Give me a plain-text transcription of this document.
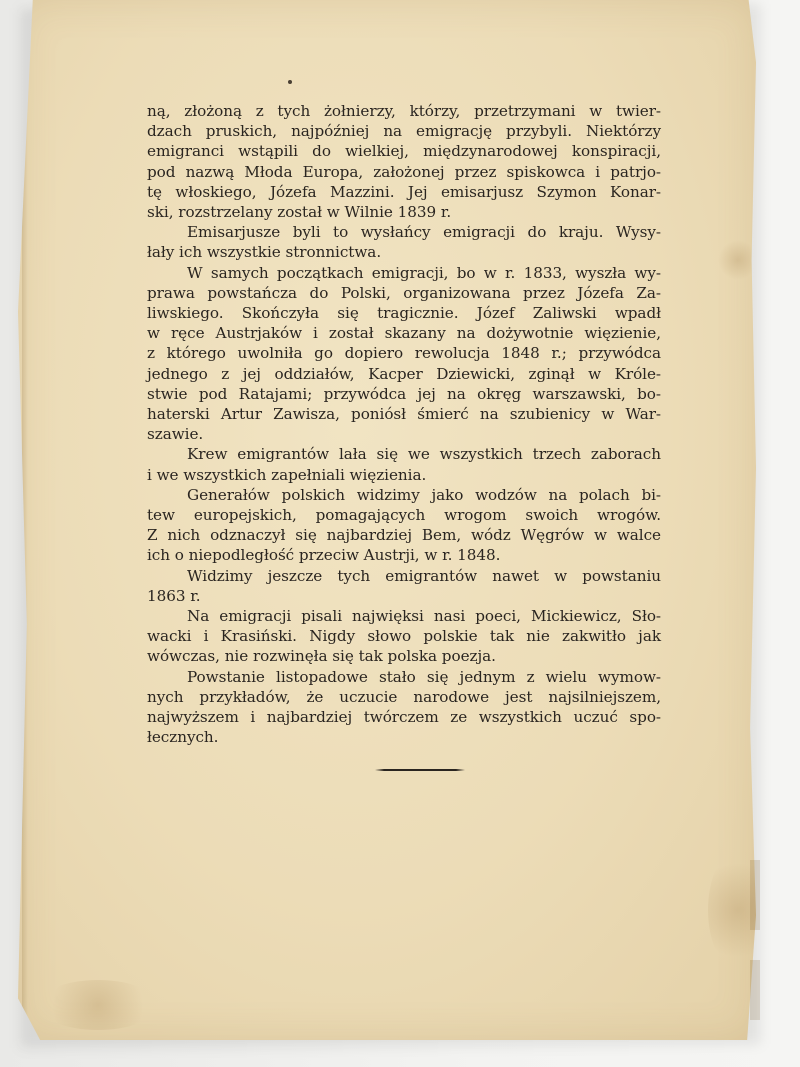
ną, złożoną z tych żołnierzy, którzy, przetrzymani w twier-
dzach pruskich, najpóźniej na emigrację przybyli. Niektórzy
emigranci wstąpili do wielkiej, międzynarodowej konspiracji,
pod nazwą Młoda Europa, założonej przez spiskowca i patrjo-
tę włoskiego, Józefa Mazzini. Jej emisarjusz Szymon Konar-
ski, rozstrzelany został w Wilnie 1839 r.
Emisarjusze byli to wysłańcy emigracji do kraju. Wysy-
łały ich wszystkie stronnictwa.
W samych początkach emigracji, bo w r. 1833, wyszła wy-
prawa powstańcza do Polski, organizowana przez Józefa Za-
liwskiego. Skończyła się tragicznie. Józef Zaliwski wpadł
w ręce Austrjaków i został skazany na dożywotnie więzienie,
z którego uwolniła go dopiero rewolucja 1848 r.; przywódca
jednego z jej oddziałów, Kacper Dziewicki, zginął w Króle-
stwie pod Ratajami; przywódca jej na okręg warszawski, bo-
haterski Artur Zawisza, poniósł śmierć na szubienicy w War-
szawie.
Krew emigrantów lała się we wszystkich trzech zaborach
i we wszystkich zapełniali więzienia.
Generałów polskich widzimy jako wodzów na polach bi-
tew europejskich, pomagających wrogom swoich wrogów.
Z nich odznaczył się najbardziej Bem, wódz Węgrów w walce
ich o niepodległość przeciw Austrji, w r. 1848.
Widzimy jeszcze tych emigrantów nawet w powstaniu
1863 r.
Na emigracji pisali najwięksi nasi poeci, Mickiewicz, Sło-
wacki i Krasiński. Nigdy słowo polskie tak nie zakwitło jak
wówczas, nie rozwinęła się tak polska poezja.
Powstanie listopadowe stało się jednym z wielu wymow-
nych przykładów, że uczucie narodowe jest najsilniejszem,
najwyższem i najbardziej twórczem ze wszystkich uczuć spo-
łecznych.
